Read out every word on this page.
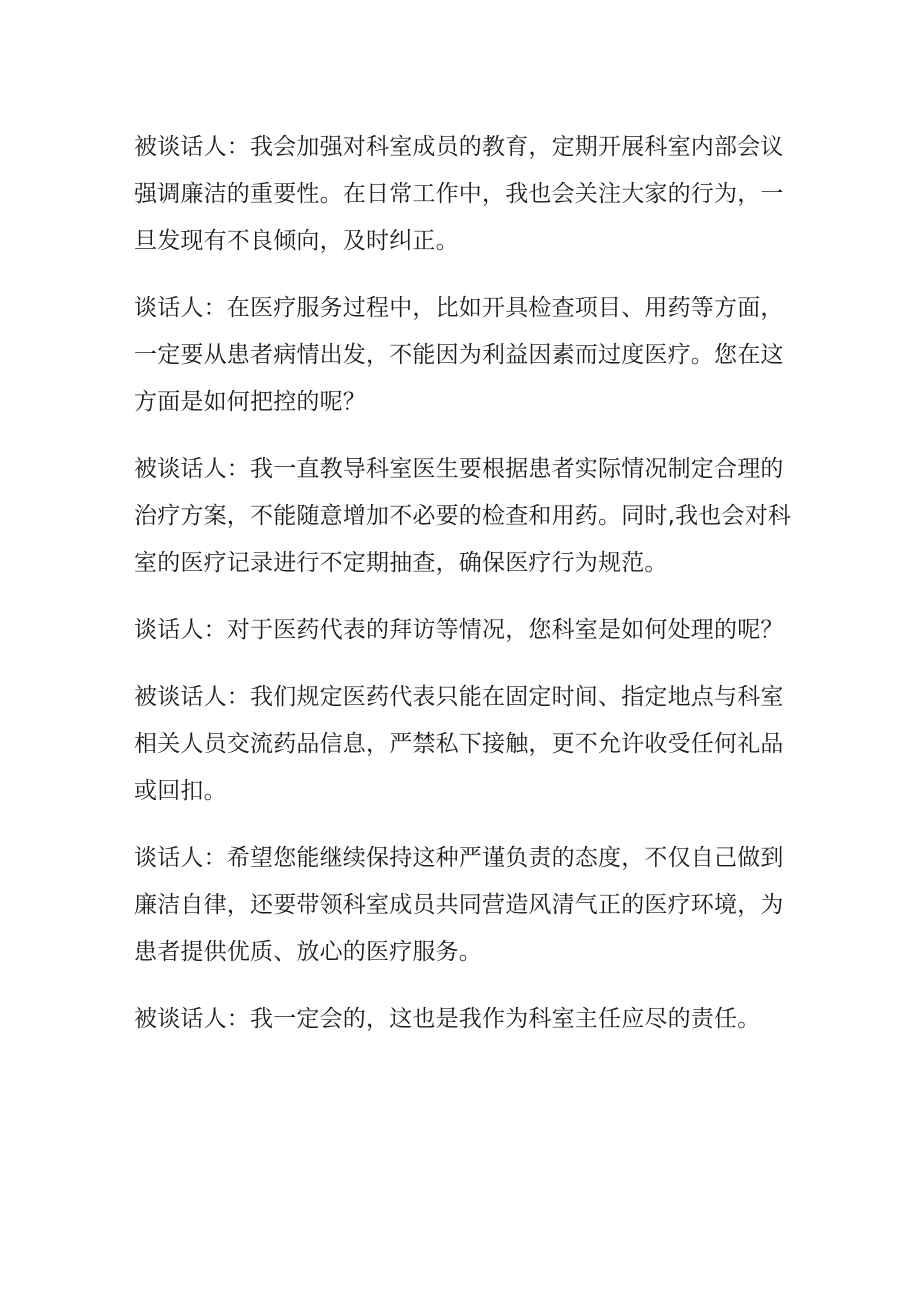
被谈话人：我会加强对科室成员的教育，定期开展科室内部会议
强调廉洁的重要性。在日常工作中，我也会关注大家的行为，一
旦发现有不良倾向，及时纠正。

谈话人：在医疗服务过程中，比如开具检查项目、用药等方面，
一定要从患者病情出发，不能因为利益因素而过度医疗。您在这
方面是如何把控的呢？

被谈话人：我一直教导科室医生要根据患者实际情况制定合理的
治疗方案，不能随意增加不必要的检查和用药。同时,我也会对科
室的医疗记录进行不定期抽查，确保医疗行为规范。

谈话人：对于医药代表的拜访等情况，您科室是如何处理的呢？

被谈话人：我们规定医药代表只能在固定时间、指定地点与科室
相关人员交流药品信息，严禁私下接触，更不允许收受任何礼品
或回扣。

谈话人：希望您能继续保持这种严谨负责的态度，不仅自己做到
廉洁自律，还要带领科室成员共同营造风清气正的医疗环境，为
患者提供优质、放心的医疗服务。

被谈话人：我一定会的，这也是我作为科室主任应尽的责任。
